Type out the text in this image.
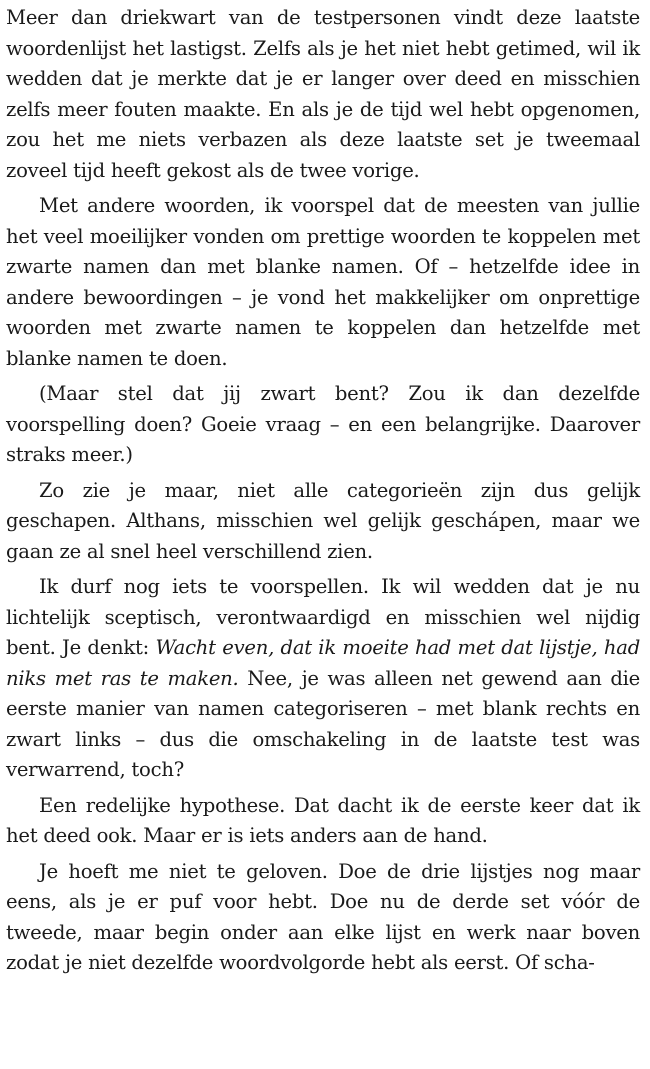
Meer dan driekwart van de testpersonen vindt deze laatste woordenlijst het lastigst. Zelfs als je het niet hebt getimed, wil ik wedden dat je merkte dat je er langer over deed en misschien zelfs meer fouten maakte. En als je de tijd wel hebt opgenomen, zou het me niets verbazen als deze laatste set je tweemaal zoveel tijd heeft gekost als de twee vorige.

Met andere woorden, ik voorspel dat de meesten van jullie het veel moeilijker vonden om prettige woorden te koppelen met zwarte namen dan met blanke namen. Of – hetzelfde idee in andere bewoordingen – je vond het makkelijker om onprettige woorden met zwarte namen te koppelen dan hetzelfde met blanke namen te doen.

(Maar stel dat jij zwart bent? Zou ik dan dezelfde voorspelling doen? Goeie vraag – en een belangrijke. Daarover straks meer.)

Zo zie je maar, niet alle categorieën zijn dus gelijk geschapen. Althans, misschien wel gelijk geschápen, maar we gaan ze al snel heel verschillend zien.

Ik durf nog iets te voorspellen. Ik wil wedden dat je nu lichtelijk sceptisch, verontwaardigd en misschien wel nijdig bent. Je denkt: Wacht even, dat ik moeite had met dat lijstje, had niks met ras te maken. Nee, je was alleen net gewend aan die eerste manier van namen categoriseren – met blank rechts en zwart links – dus die omschakeling in de laatste test was verwarrend, toch?

Een redelijke hypothese. Dat dacht ik de eerste keer dat ik het deed ook. Maar er is iets anders aan de hand.

Je hoeft me niet te geloven. Doe de drie lijstjes nog maar eens, als je er puf voor hebt. Doe nu de derde set vóór de tweede, maar begin onder aan elke lijst en werk naar boven zodat je niet dezelfde woordvolgorde hebt als eerst. Of scha-
